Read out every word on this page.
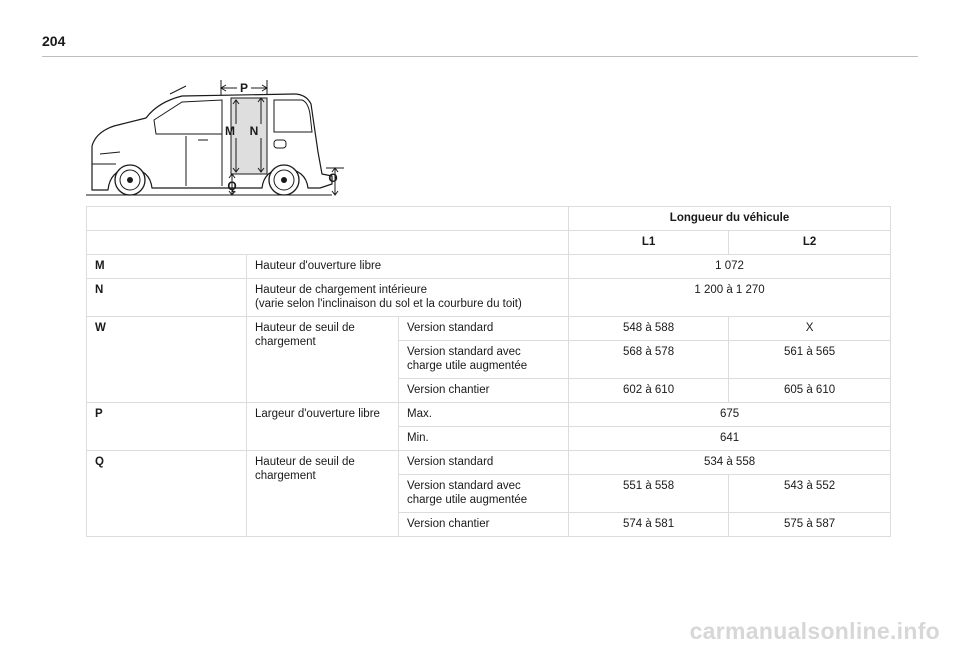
204
P
M N
Q
O
			Longueur du véhicule	
			L1	L2
M	Hauteur d'ouverture libre		1 072	
N	Hauteur de chargement intérieure
(varie selon l'inclinaison du sol et la courbure du toit)		1 200 à 1 270	
W	Hauteur de seuil de
chargement	Version standard	548 à 588	X
		Version standard avec
charge utile augmentée	568 à 578	561 à 565
		Version chantier	602 à 610	605 à 610
P	Largeur d'ouverture libre	Max.	675	
		Min.	641	
Q	Hauteur de seuil de
chargement	Version standard	534 à 558	
		Version standard avec
charge utile augmentée	551 à 558	543 à 552
		Version chantier	574 à 581	575 à 587
carmanualsonline.info
